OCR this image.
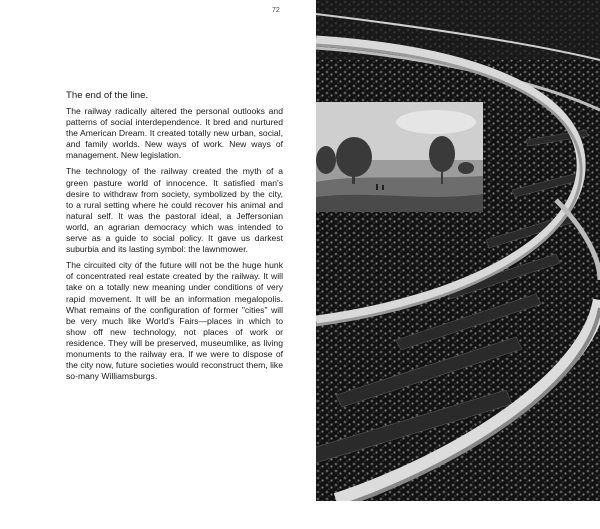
72
The end of the line.

The railway radically altered the personal outlooks and patterns of social interdependence. It bred and nurtured the American Dream. It created totally new urban, social, and family worlds. New ways of work. New ways of management. New legislation.

The technology of the railway created the myth of a green pasture world of innocence. It satisfied man's desire to withdraw from society, symbolized by the city, to a rural setting where he could recover his animal and natural self. It was the pastoral ideal, a Jeffersonian world, an agrarian democracy which was intended to serve as a guide to social policy. It gave us darkest suburbia and its lasting symbol: the lawnmower.

The circuited city of the future will not be the huge hunk of concentrated real estate created by the railway. It will take on a totally new meaning under conditions of very rapid movement. It will be an information megalopolis. What remains of the configuration of former "cities" will be very much like World's Fairs—places in which to show off new technology, not places of work or residence. They will be preserved, museumlike, as living monuments to the railway era. If we were to dispose of the city now, future societies would reconstruct them, like so-many Williamsburgs.
